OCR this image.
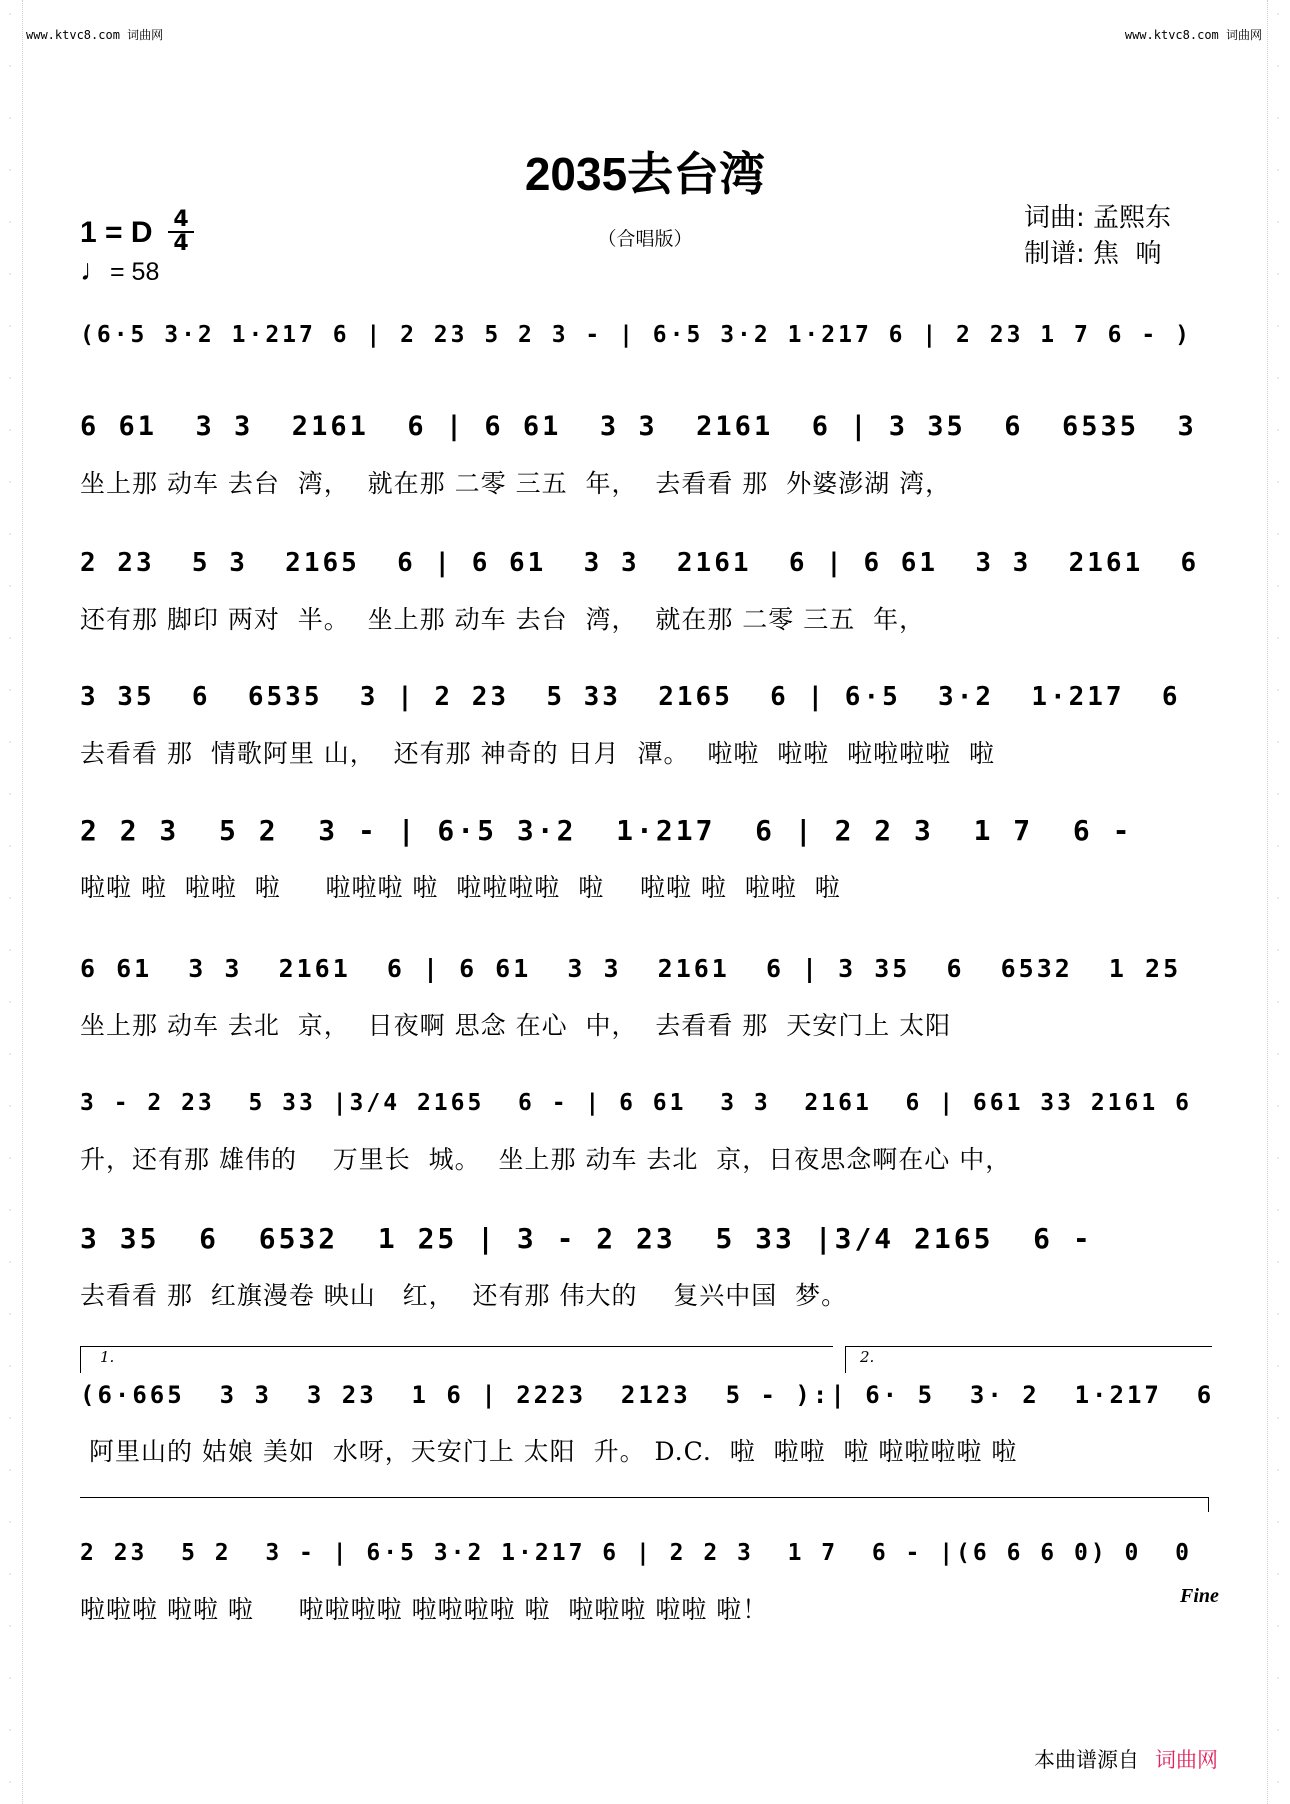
·
·
·
·
·
·
·
·
·
·
·
·
·
·
·
·
·
·
·
·
·
·
·
·
·
·
·
·
·
·
·
·
·
·
·
·
·
·
·
·
·
·
·
·
·
·
·
·
·
·
·
·
·
·
·
·
·
·
·
·
·
·
·
·
·
·
·
·
·
·
www.ktvc8.com 词曲网	www.ktvc8.com 词曲网
2035去台湾
（合唱版）
1 = D 4
4
♩= 58
词曲: 孟熙东
制谱: 焦  响
(6·5 3·2 1·217 6 | 2 23 5 2 3 - | 6·5 3·2 1·217 6 | 2 23 1 7 6 - )
6 61  3 3  2161  6 | 6 61  3 3  2161  6 | 3 35  6  6535  3
坐上那 动车 去台  湾，  就在那 二零 三五  年，  去看看 那  外婆澎湖 湾，
2 23  5 3  2165  6 | 6 61  3 3  2161  6 | 6 61  3 3  2161  6
还有那 脚印 两对  半。  坐上那 动车 去台  湾，  就在那 二零 三五  年，
3 35  6  6535  3 | 2 23  5 33  2165  6 | 6·5  3·2  1·217  6
去看看 那  情歌阿里 山，  还有那 神奇的 日月  潭。  啦啦  啦啦  啦啦啦啦  啦
2 2 3  5 2  3 - | 6·5 3·2  1·217  6 | 2 2 3  1 7  6 -
啦啦 啦  啦啦  啦     啦啦啦 啦  啦啦啦啦  啦    啦啦 啦  啦啦  啦
6 61  3 3  2161  6 | 6 61  3 3  2161  6 | 3 35  6  6532  1 25
坐上那 动车 去北  京，  日夜啊 思念 在心  中，  去看看 那  天安门上 太阳
3 - 2 23  5 33 |3/4 2165  6 - | 6 61  3 3  2161  6 | 661 33 2161 6
升，还有那 雄伟的    万里长  城。  坐上那 动车 去北  京，日夜思念啊在心 中，
3 35  6  6532  1 25 | 3 - 2 23  5 33 |3/4 2165  6 -
去看看 那  红旗漫卷 映山   红，  还有那 伟大的    复兴中国  梦。
1.	2.
(6·665  3 3  3 23  1 6 | 2223  2123  5 - ):| 6· 5  3· 2  1·217  6
阿里山的 姑娘 美如  水呀，天安门上 太阳  升。 D.C.  啦  啦啦  啦 啦啦啦啦 啦
2 23  5 2  3 - | 6·5 3·2 1·217 6 | 2 2 3  1 7  6 - |(6 6 6 0) 0  0
啦啦啦 啦啦 啦     啦啦啦啦 啦啦啦啦 啦  啦啦啦 啦啦 啦！	Fine
本曲谱源自 词曲网
